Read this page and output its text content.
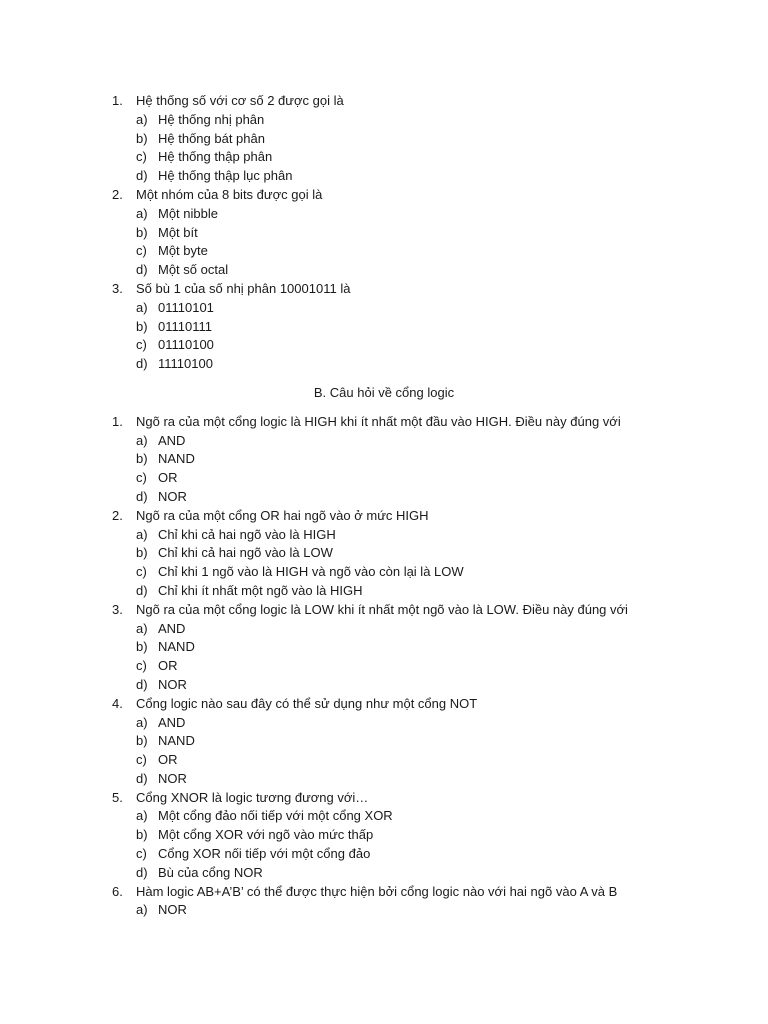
1. Hệ thống số với cơ số 2 được gọi là
a) Hệ thống nhị phân
b) Hệ thống bát phân
c) Hệ thống thập phân
d) Hệ thống thập lục phân
2. Một nhóm của 8 bits được gọi là
a) Một nibble
b) Một bít
c) Một byte
d) Một số octal
3. Số bù 1 của số nhị phân 10001011 là
a) 01110101
b) 01110111
c) 01110100
d) 11110100
B. Câu hỏi về cổng logic
1. Ngõ ra của một cổng logic là HIGH khi ít nhất một đầu vào HIGH. Điều này đúng với
a) AND
b) NAND
c) OR
d) NOR
2. Ngõ ra của một cổng OR hai ngõ vào ở mức HIGH
a) Chỉ khi cả hai ngõ vào là HIGH
b) Chỉ khi cả hai ngõ vào là LOW
c) Chỉ khi 1 ngõ vào là HIGH và ngõ vào còn lại là LOW
d) Chỉ khi ít nhất một ngõ vào là HIGH
3. Ngõ ra của một cổng logic là LOW khi ít nhất một ngõ vào là LOW. Điều này đúng với
a) AND
b) NAND
c) OR
d) NOR
4. Cổng logic nào sau đây có thể sử dụng như một cổng NOT
a) AND
b) NAND
c) OR
d) NOR
5. Cổng XNOR là logic tương đương với…
a) Một cổng đảo nối tiếp với một cổng XOR
b) Một cổng XOR với ngõ vào mức thấp
c) Cổng XOR nối tiếp với một cổng đảo
d) Bù của cổng NOR
6. Hàm logic AB+A’B’ có thể được thực hiện bởi cổng logic nào với hai ngõ vào A và B
a) NOR
